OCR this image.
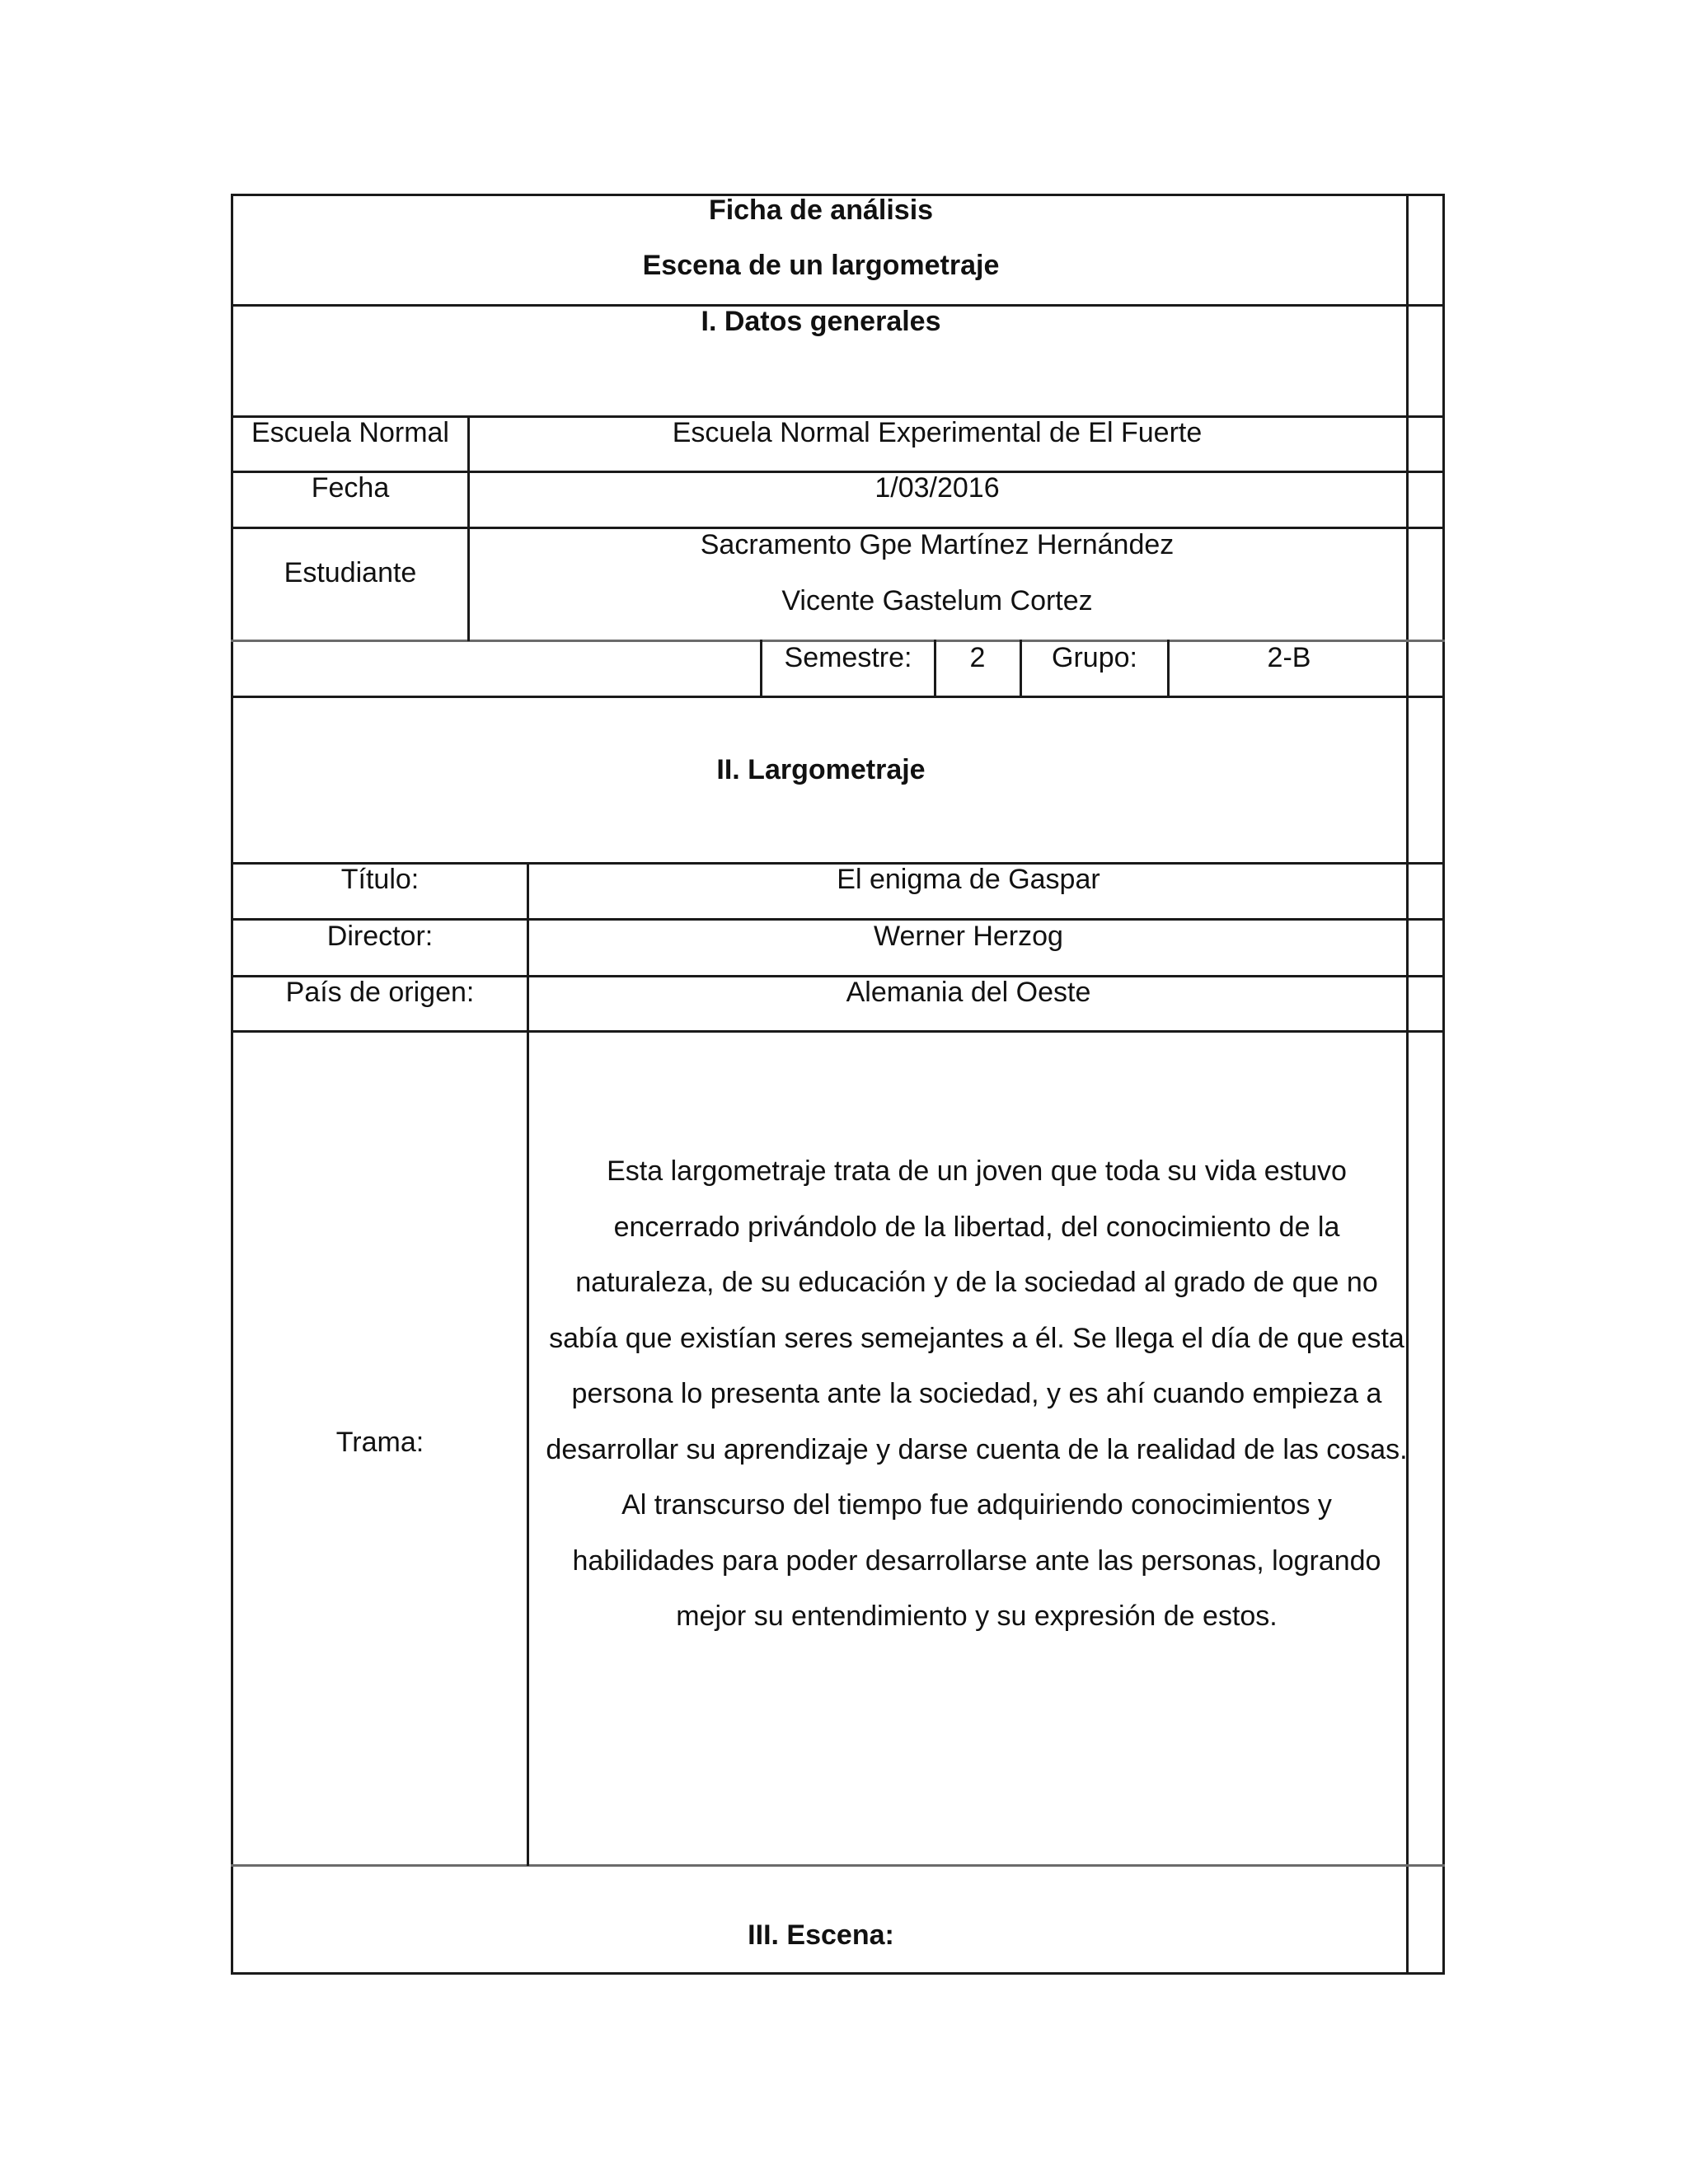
Ficha de análisis
Escena de un largometraje
I. Datos generales
Escuela Normal	Escuela Normal Experimental de El Fuerte
Fecha	1/03/2016
Estudiante
Sacramento Gpe Martínez Hernández
Vicente Gastelum Cortez
Semestre: 2 Grupo:	2-B
II. Largometraje
Título:	El enigma de Gaspar
Director:	Werner Herzog
País de origen:	Alemania del Oeste
Trama:
Esta largometraje trata de un joven que toda su vida estuvo
encerrado privándolo de la libertad, del conocimiento de la
naturaleza, de su educación y de la sociedad al grado de que no
sabía que existían seres semejantes a él. Se llega el día de que esta
persona lo presenta ante la sociedad, y es ahí cuando empieza a
desarrollar su aprendizaje y darse cuenta de la realidad de las cosas.
Al transcurso del tiempo fue adquiriendo conocimientos y
habilidades para poder desarrollarse ante las personas, logrando
mejor su entendimiento y su expresión de estos.
III. Escena:
